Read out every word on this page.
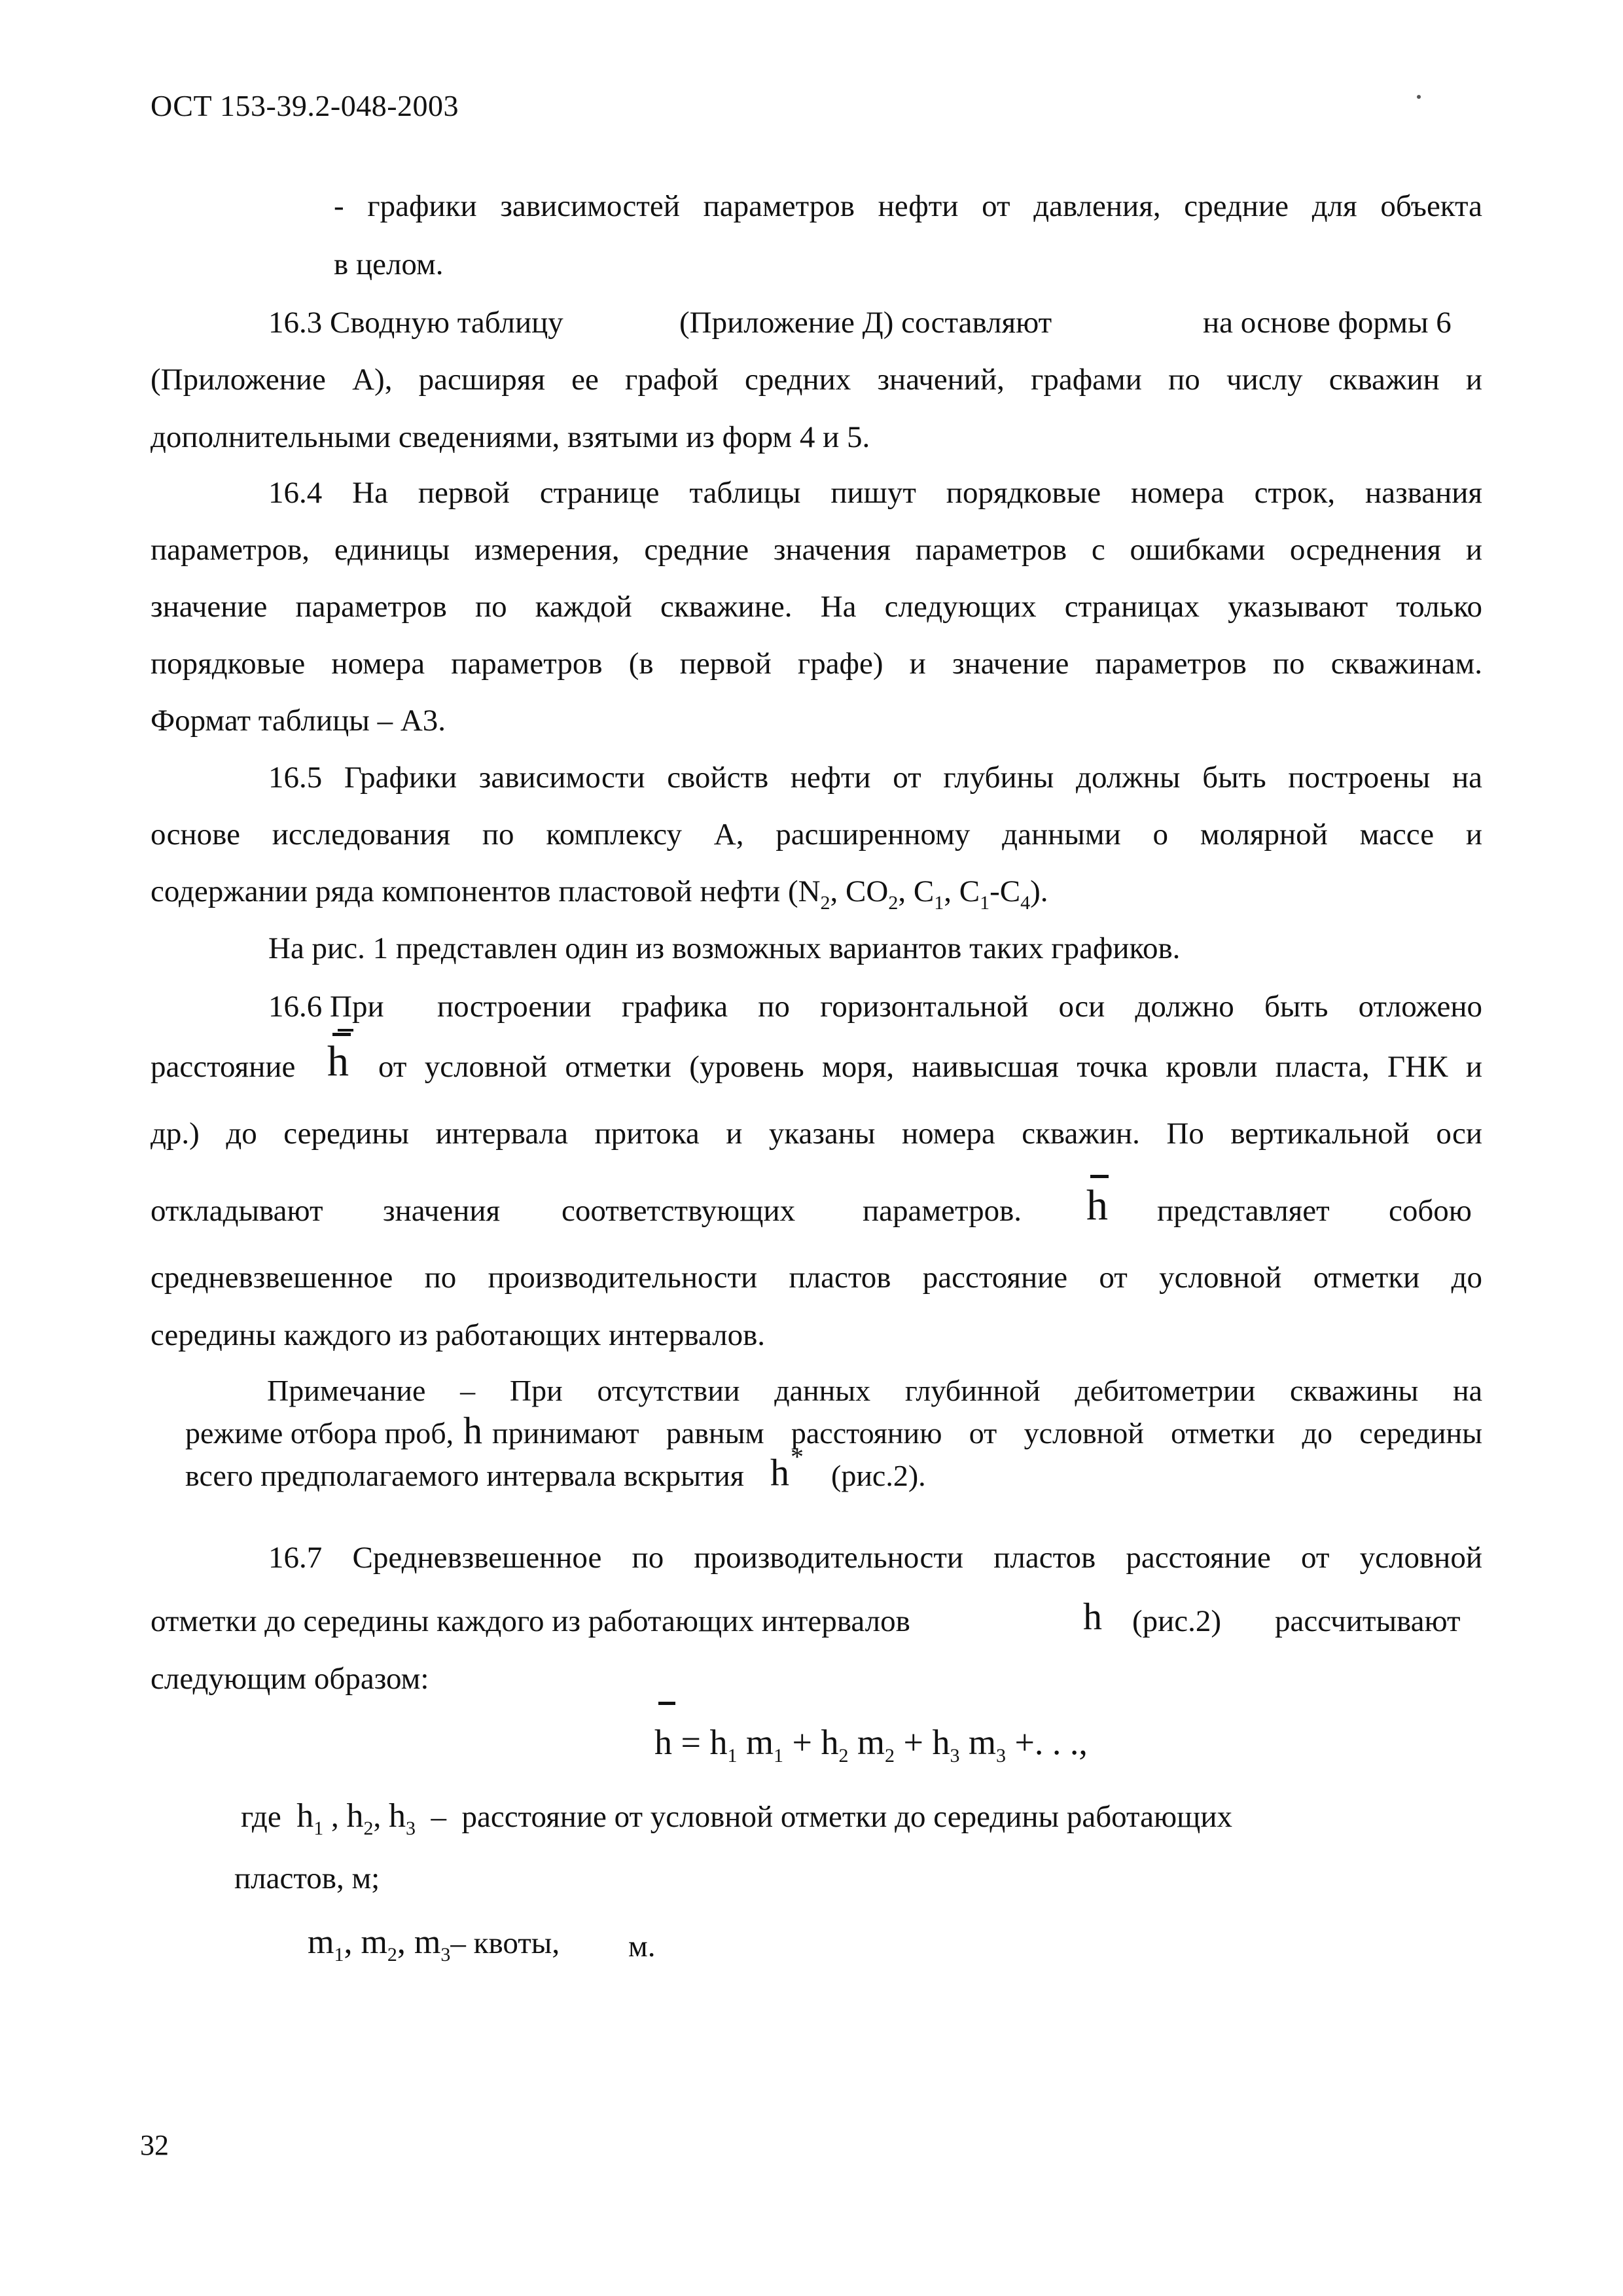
ОСТ 153-39.2-048-2003
- графики зависимостей параметров нефти от давления, средние для объекта
в целом.
16.3 Сводную таблицу	(Приложение Д) составляют	на основе формы 6
(Приложение А), расширяя ее графой средних значений, графами по числу скважин и
дополнительными сведениями, взятыми из форм 4 и 5.
16.4 На первой странице таблицы пишут порядковые номера строк, названия
параметров, единицы измерения, средние значения параметров с ошибками осреднения и
значение параметров по каждой скважине. На следующих страницах указывают только
порядковые номера параметров (в первой графе) и значение параметров по скважинам.
Формат таблицы – А3.
16.5 Графики зависимости свойств нефти от глубины должны быть построены на
основе исследования по комплексу А, расширенному данными о молярной массе и
содержании ряда компонентов пластовой нефти ($N_2$, $CO_2$, $C_1$, $C_1-C_4$).
На рис. 1 представлен один из возможных вариантов таких графиков.
16.6 При построении графика по горизонтальной оси должно быть отложено
расстояние h от условной отметки (уровень моря, наивысшая точка кровли пласта, ГНК и
др.) до середины интервала притока и указаны номера скважин. По вертикальной оси
откладывают значения соответствующих параметров. h представляет собою
средневзвешенное по производительности пластов расстояние от условной отметки до
середины каждого из работающих интервалов.
Примечание – При отсутствии данных глубинной дебитометрии скважины на
режиме отбора проб, h принимают равным расстоянию от условной отметки до середины
всего предполагаемого интервала вскрытия h *
(рис.2).
16.7 Средневзвешенное по производительности пластов расстояние от условной
отметки до середины каждого из работающих интервалов	h (рис.2) рассчитывают
следующим образом:
$h = h_1$ $m_1 + h_2$ $m_2 + h_3$ $m_3$ +. . .,
где $h_1$ , $h_2$, $h_3$ – расстояние от условной отметки до середины работающих
пластов, м;
$m_1$, $m_2$, $m_3-$ квоты, м.
32
